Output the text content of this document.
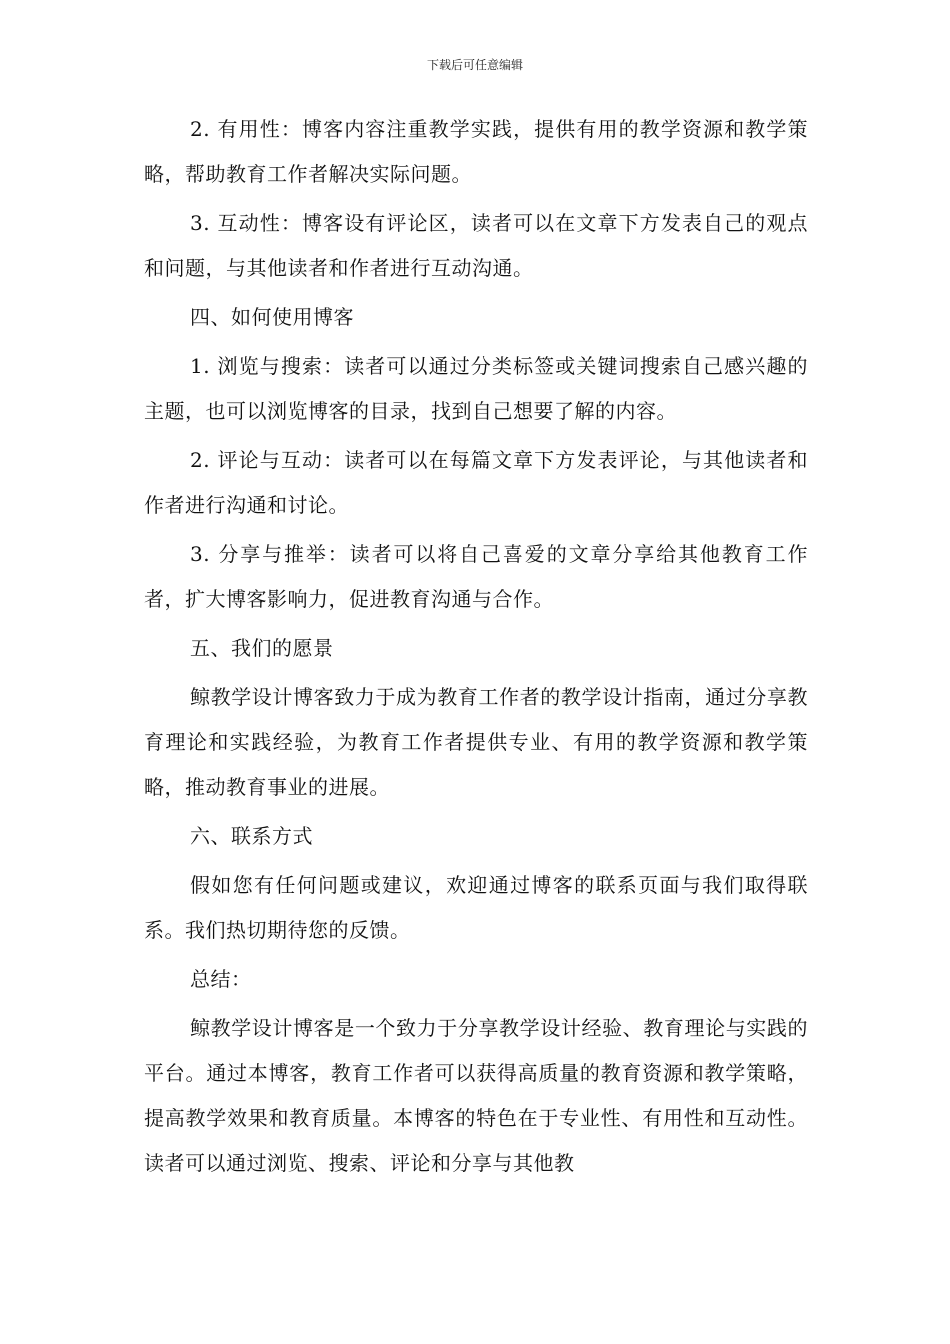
下载后可任意编辑

2. 有用性：博客内容注重教学实践，提供有用的教学资源和教学策略，帮助教育工作者解决实际问题。

3. 互动性：博客设有评论区，读者可以在文章下方发表自己的观点和问题，与其他读者和作者进行互动沟通。

四、如何使用博客

1. 浏览与搜索：读者可以通过分类标签或关键词搜索自己感兴趣的主题，也可以浏览博客的目录，找到自己想要了解的内容。

2. 评论与互动：读者可以在每篇文章下方发表评论，与其他读者和作者进行沟通和讨论。

3. 分享与推举：读者可以将自己喜爱的文章分享给其他教育工作者，扩大博客影响力，促进教育沟通与合作。

五、我们的愿景

鲸教学设计博客致力于成为教育工作者的教学设计指南，通过分享教育理论和实践经验，为教育工作者提供专业、有用的教学资源和教学策略，推动教育事业的进展。

六、联系方式

假如您有任何问题或建议，欢迎通过博客的联系页面与我们取得联系。我们热切期待您的反馈。

总结：

鲸教学设计博客是一个致力于分享教学设计经验、教育理论与实践的平台。通过本博客，教育工作者可以获得高质量的教育资源和教学策略，提高教学效果和教育质量。本博客的特色在于专业性、有用性和互动性。读者可以通过浏览、搜索、评论和分享与其他教
